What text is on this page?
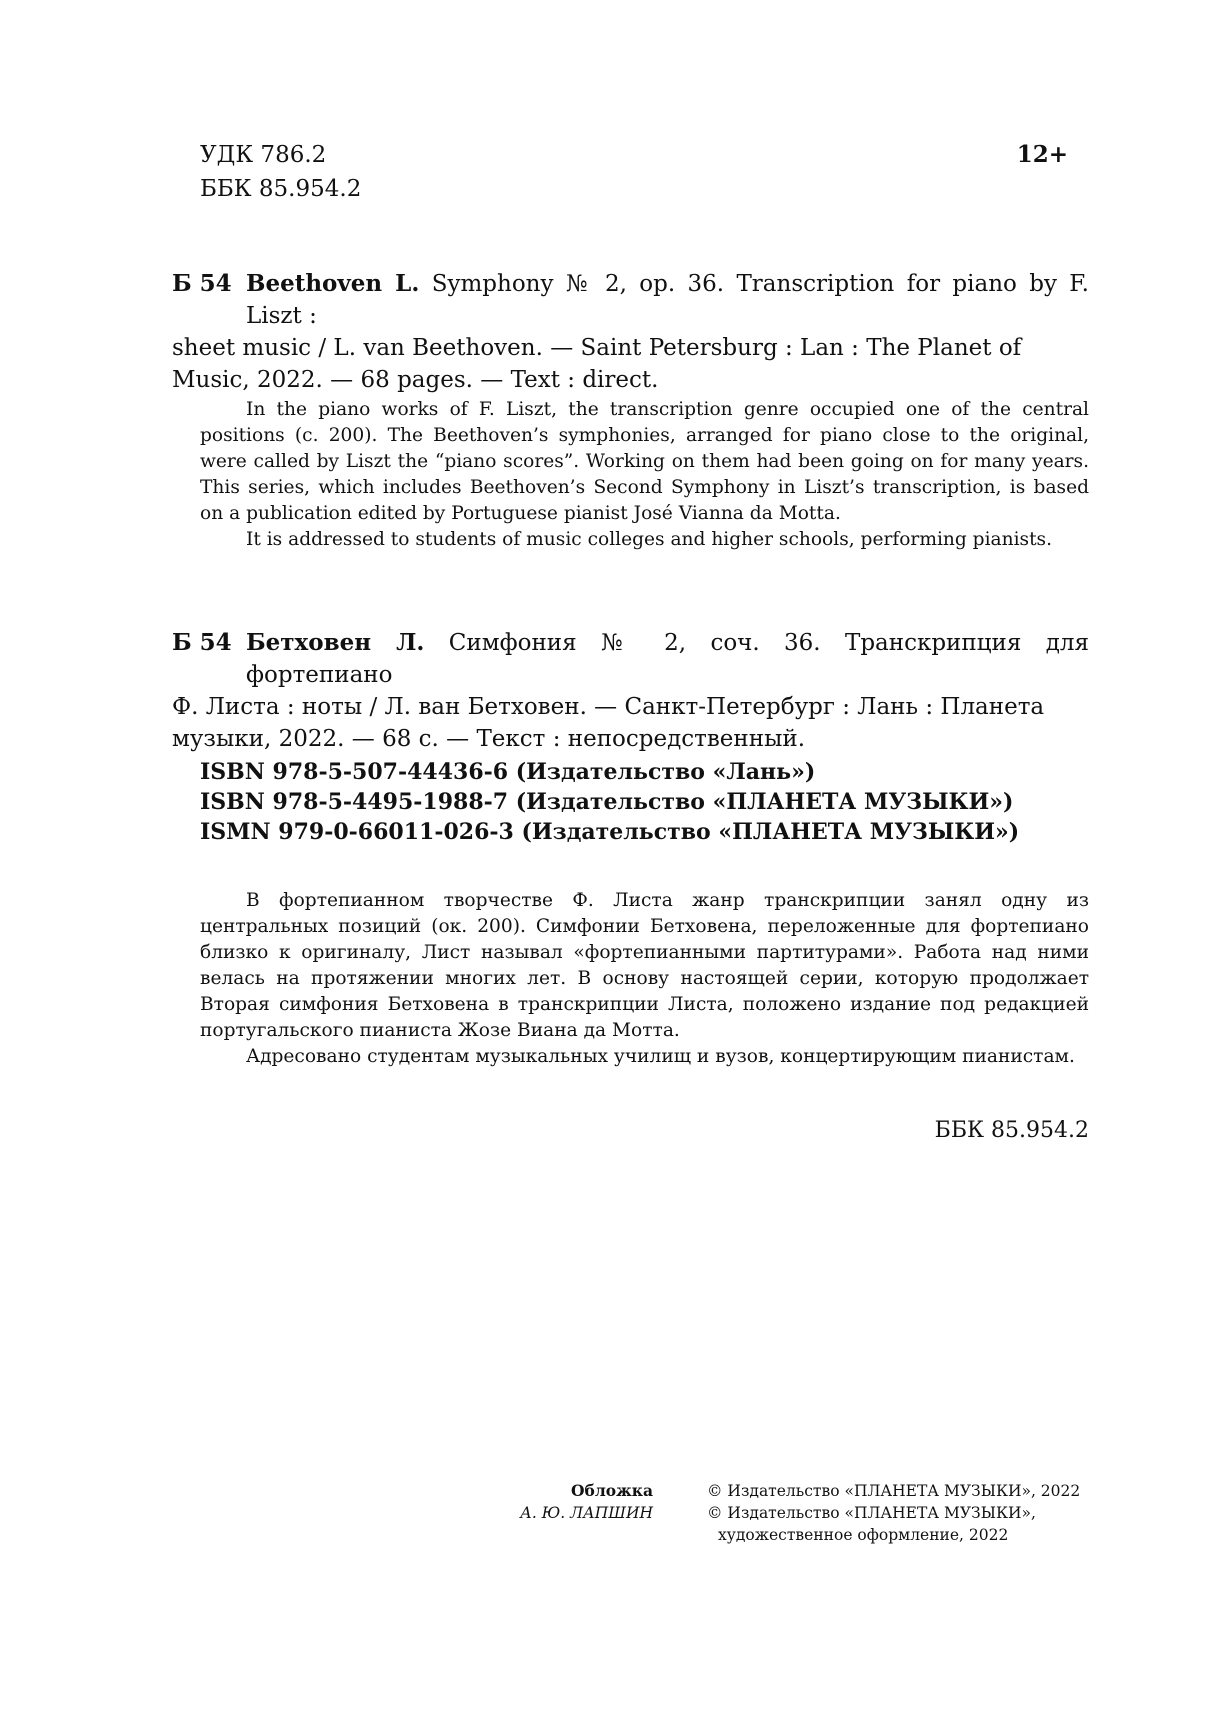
УДК 786.2
ББК 85.954.2
12+
Б 54 Beethoven L. Symphony № 2, op. 36. Transcription for piano by F. Liszt :
sheet music / L. van Beethoven. — Saint Petersburg : Lan : The Planet of
Music, 2022. — 68 pages. — Text : direct.

In the piano works of F. Liszt, the transcription genre occupied one of the central positions (c. 200). The Beethoven’s symphonies, arranged for piano close to the original, were called by Liszt the “piano scores”. Working on them had been going on for many years. This series, which includes Beethoven’s Second Symphony in Liszt’s transcription, is based on a publication edited by Portuguese pianist José Vianna da Motta.

It is addressed to students of music colleges and higher schools, performing pianists.

Б 54 Бетховен Л. Симфония № 2, соч. 36. Транскрипция для фортепиано
Ф. Листа : ноты / Л. ван Бетховен. — Санкт-Петербург : Лань : Планета
музыки, 2022. — 68 с. — Текст : непосредственный.
ISBN 978-5-507-44436-6 (Издательство «Лань»)
ISBN 978-5-4495-1988-7 (Издательство «ПЛАНЕТА МУЗЫКИ»)
ISMN 979-0-66011-026-3 (Издательство «ПЛАНЕТА МУЗЫКИ»)

В фортепианном творчестве Ф. Листа жанр транскрипции занял одну из центральных позиций (ок. 200). Симфонии Бетховена, переложенные для фортепиано близко к оригиналу, Лист называл «фортепианными партитурами». Работа над ними велась на протяжении многих лет. В основу настоящей серии, которую продолжает Вторая симфония Бетховена в транскрипции Листа, положено издание под редакцией португальского пианиста Жозе Виана да Мотта.

Адресовано студентам музыкальных училищ и вузов, концертирующим пианистам.

ББК 85.954.2
Обложка
А. Ю. ЛАПШИН
© Издательство «ПЛАНЕТА МУЗЫКИ», 2022
© Издательство «ПЛАНЕТА МУЗЫКИ»,
художественное оформление, 2022
